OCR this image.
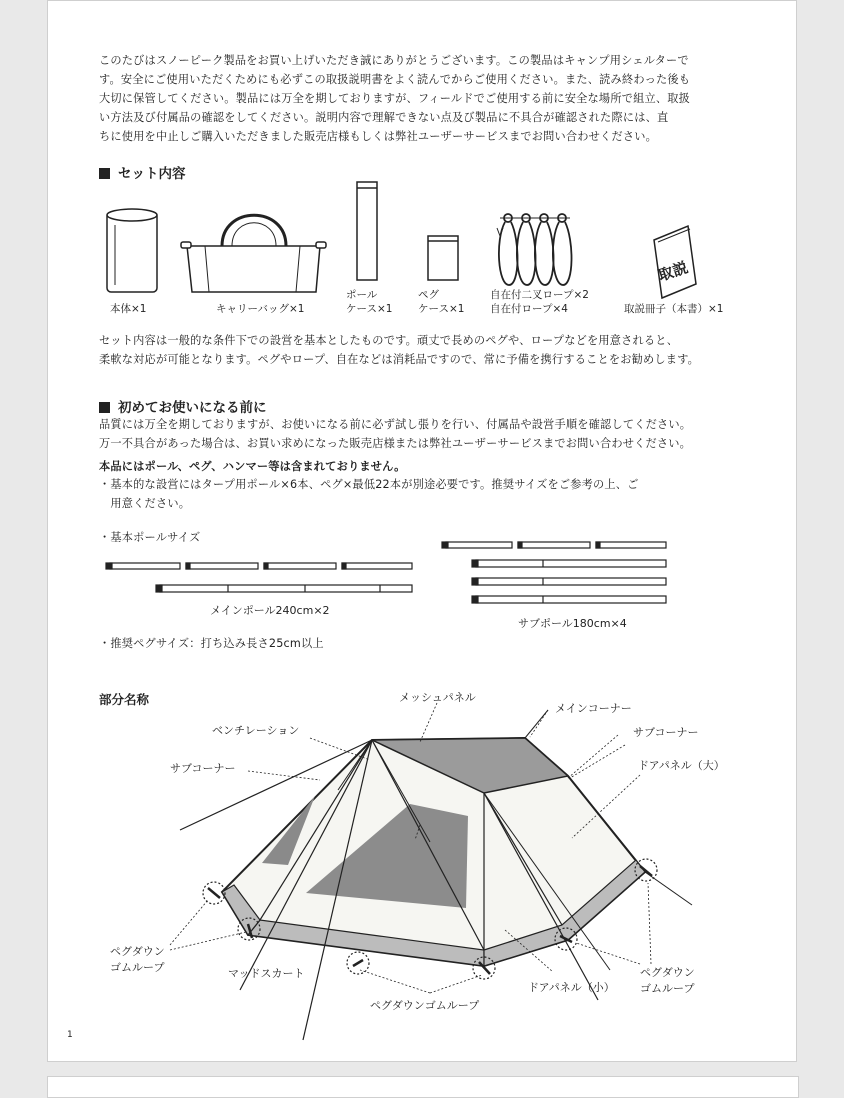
このたびはスノーピーク製品をお買い上げいただき誠にありがとうございます。この製品はキャンプ用シェルターで
す。安全にご使用いただくためにも必ずこの取扱説明書をよく読んでからご使用ください。また、読み終わった後も
大切に保管してください。製品には万全を期しておりますが、フィールドでご使用する前に安全な場所で組立、取扱
い方法及び付属品の確認をしてください。説明内容で理解できない点及び製品に不具合が確認された際には、直
ちに使用を中止しご購入いただきました販売店様もしくは弊社ユーザーサービスまでお問い合わせください。
セット内容
取説
本体×1	キャリーバッグ×1
ポール
ケース×1
ペグ
ケース×1
自在付二叉ロープ×2
自在付ロープ×4	取説冊子（本書）×1
セット内容は一般的な条件下での設営を基本としたものです。頑丈で長めのペグや、ロープなどを用意されると、
柔軟な対応が可能となります。ペグやロープ、自在などは消耗品ですので、常に予備を携行することをお勧めします。
初めてお使いになる前に
品質には万全を期しておりますが、お使いになる前に必ず試し張りを行い、付属品や設営手順を確認してください。
万一不具合があった場合は、お買い求めになった販売店様または弊社ユーザーサービスまでお問い合わせください。
本品にはポール、ペグ、ハンマー等は含まれておりません。
・基本的な設営にはタープ用ポール×6本、ペグ×最低22本が別途必要です。推奨サイズをご参考の上、ご
　用意ください。
・基本ポールサイズ
メインポール240cm×2
サブポール180cm×4
・推奨ペグサイズ：打ち込み長さ25cm以上
部分名称	メッシュパネル
メインコーナー
ベンチレーション	サブコーナー
ドアパネル（大）
サブコーナー
ペグダウン
ゴムループ	マッドスカート
ドアパネル（小）
ペグダウン
ゴムループ
ペグダウンゴムループ
1
